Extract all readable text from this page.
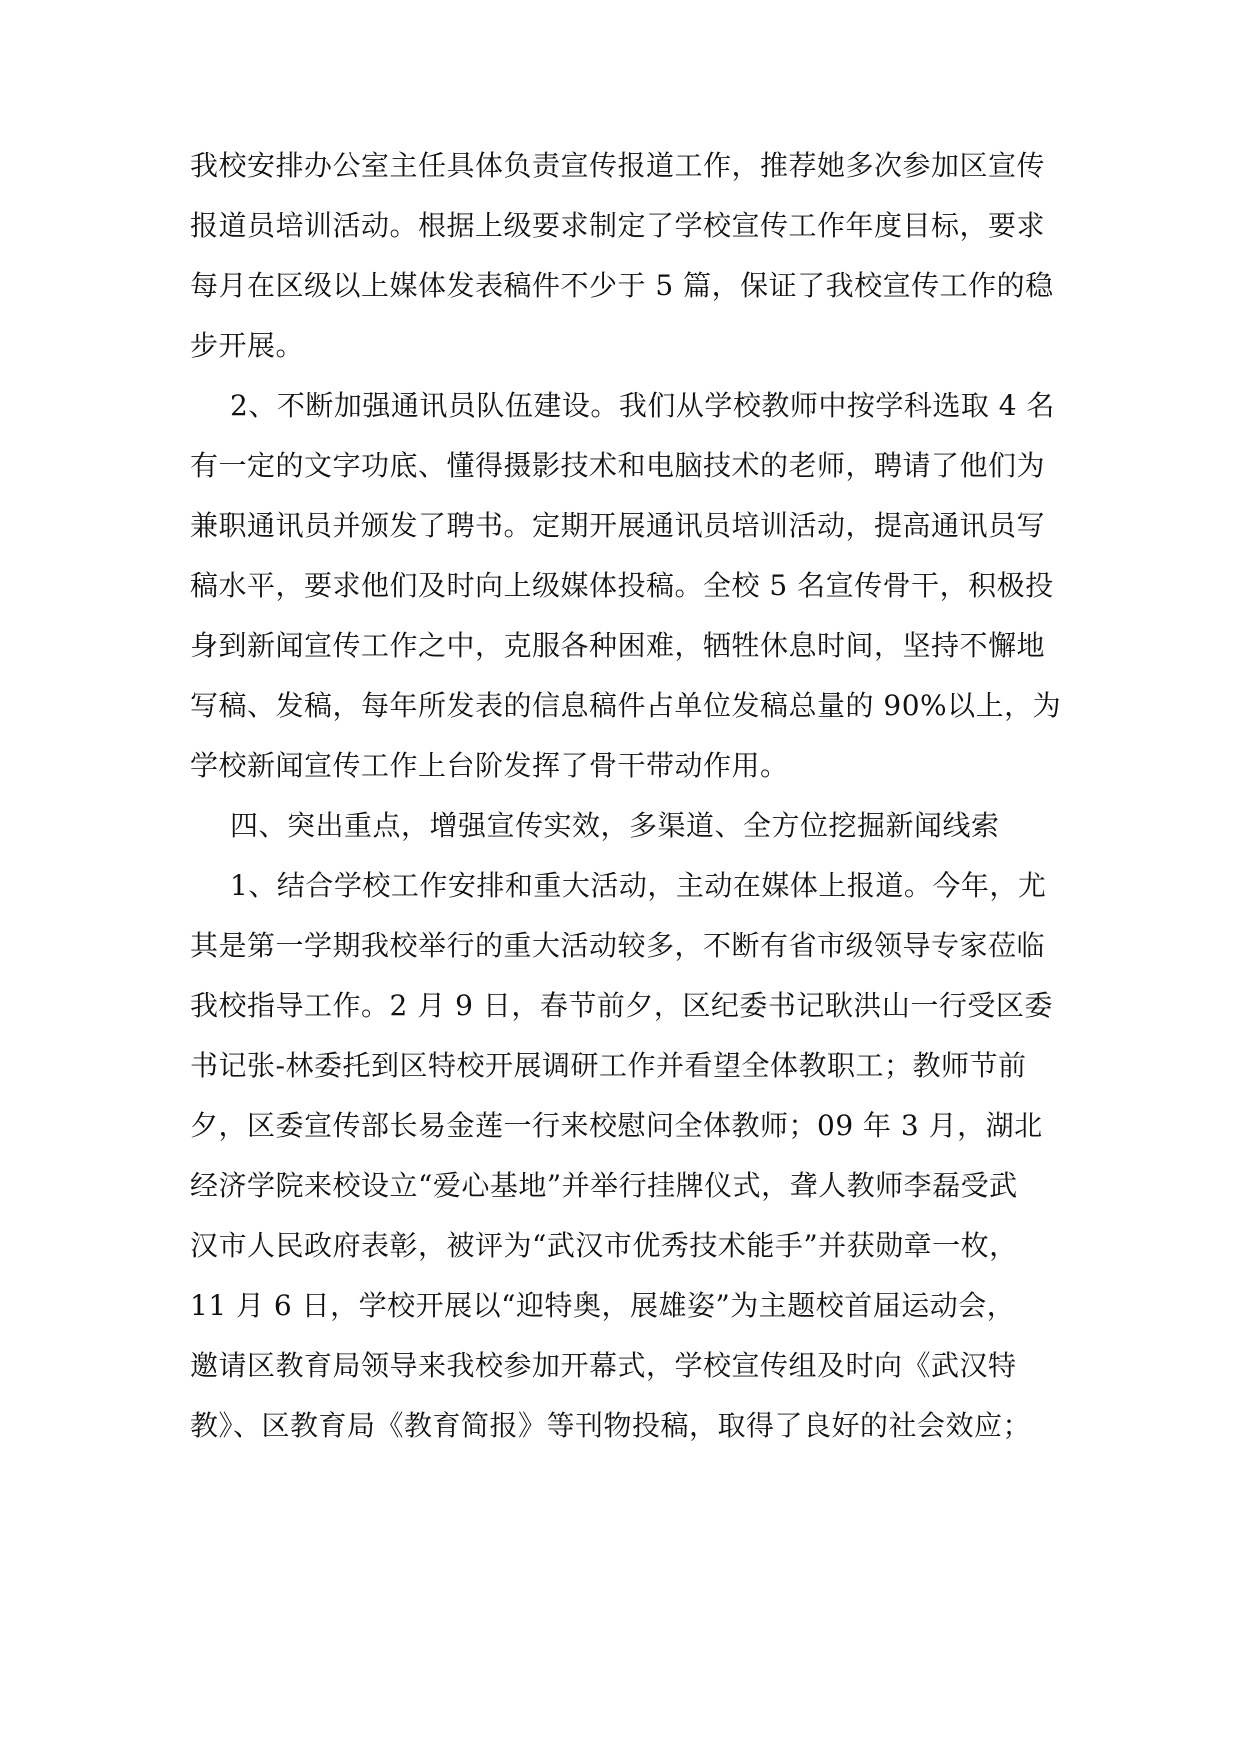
我校安排办公室主任具体负责宣传报道工作，推荐她多次参加区宣传
报道员培训活动。根据上级要求制定了学校宣传工作年度目标，要求
每月在区级以上媒体发表稿件不少于 5 篇，保证了我校宣传工作的稳
步开展。
2、不断加强通讯员队伍建设。我们从学校教师中按学科选取 4 名
有一定的文字功底、懂得摄影技术和电脑技术的老师，聘请了他们为
兼职通讯员并颁发了聘书。定期开展通讯员培训活动，提高通讯员写
稿水平，要求他们及时向上级媒体投稿。全校 5 名宣传骨干，积极投
身到新闻宣传工作之中，克服各种困难，牺牲休息时间，坚持不懈地
写稿、发稿，每年所发表的信息稿件占单位发稿总量的 90%以上，为
学校新闻宣传工作上台阶发挥了骨干带动作用。
四、突出重点，增强宣传实效，多渠道、全方位挖掘新闻线索
1、结合学校工作安排和重大活动，主动在媒体上报道。今年，尤
其是第一学期我校举行的重大活动较多，不断有省市级领导专家莅临
我校指导工作。2 月 9 日，春节前夕，区纪委书记耿洪山一行受区委
书记张-林委托到区特校开展调研工作并看望全体教职工；教师节前
夕，区委宣传部长易金莲一行来校慰问全体教师；09 年 3 月，湖北
经济学院来校设立“爱心基地”并举行挂牌仪式，聋人教师李磊受武
汉市人民政府表彰，被评为“武汉市优秀技术能手”并获勋章一枚，
11 月 6 日，学校开展以“迎特奥，展雄姿”为主题校首届运动会，
邀请区教育局领导来我校参加开幕式，学校宣传组及时向《武汉特
教》、区教育局《教育简报》等刊物投稿，取得了良好的社会效应；
